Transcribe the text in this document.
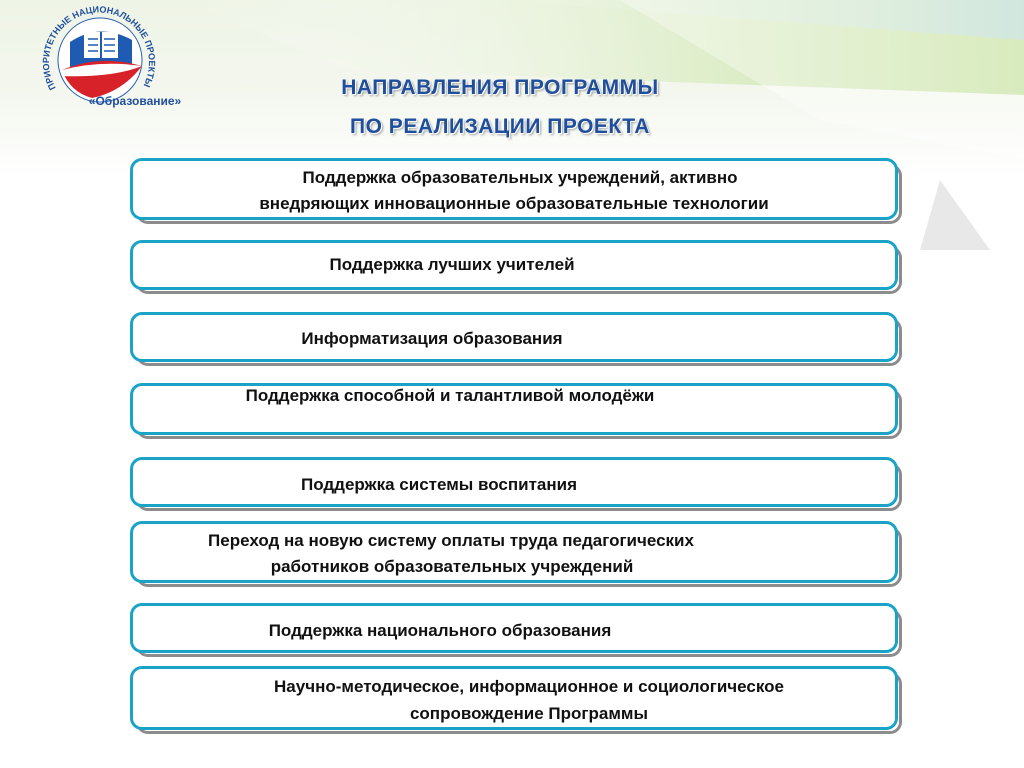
ПРИОРИТЕТНЫЕ НАЦИОНАЛЬНЫЕ ПРОЕКТЫ
«Образование»
НАПРАВЛЕНИЯ ПРОГРАММЫ
ПО РЕАЛИЗАЦИИ ПРОЕКТА
Поддержка образовательных учреждений, активно
внедряющих инновационные образовательные технологии
Поддержка лучших учителей
Информатизация образования
Поддержка способной и талантливой молодёжи
Поддержка системы воспитания
Переход на новую систему оплаты труда педагогических
работников образовательных учреждений
Поддержка национального образования
Научно-методическое, информационное и социологическое
сопровождение Программы
